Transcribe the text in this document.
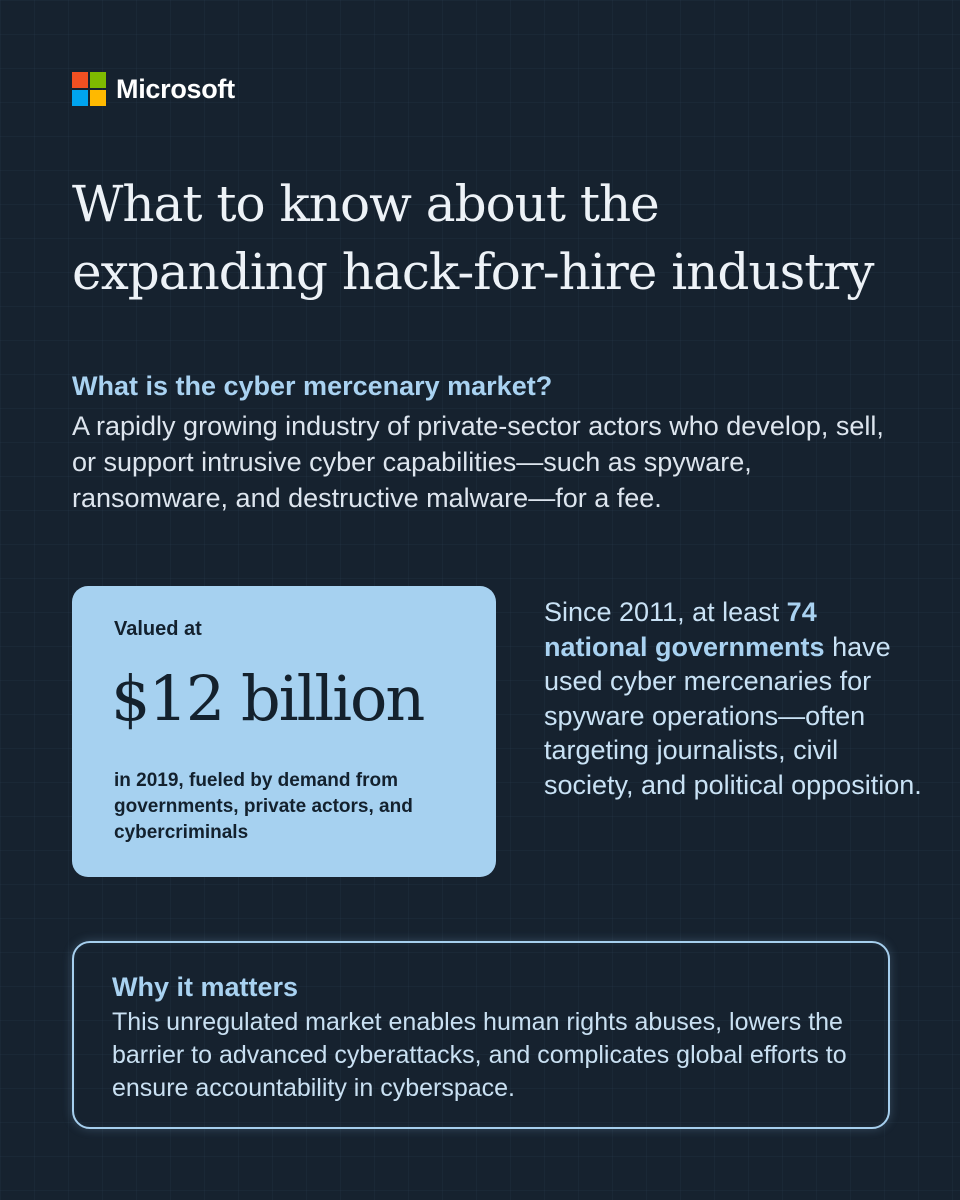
Microsoft
What to know about the
expanding hack-for-hire industry

What is the cyber mercenary market?

A rapidly growing industry of private-sector actors who develop, sell, or support intrusive cyber capabilities—such as spyware, ransomware, and destructive malware—for a fee.

Valued at

$12 billion

in 2019, fueled by demand from governments, private actors, and cybercriminals

Since 2011, at least 74 national governments have used cyber mercenaries for spyware operations—often targeting journalists, civil society, and political opposition.

Why it matters

This unregulated market enables human rights abuses, lowers the barrier to advanced cyberattacks, and complicates global efforts to ensure accountability in cyberspace.
